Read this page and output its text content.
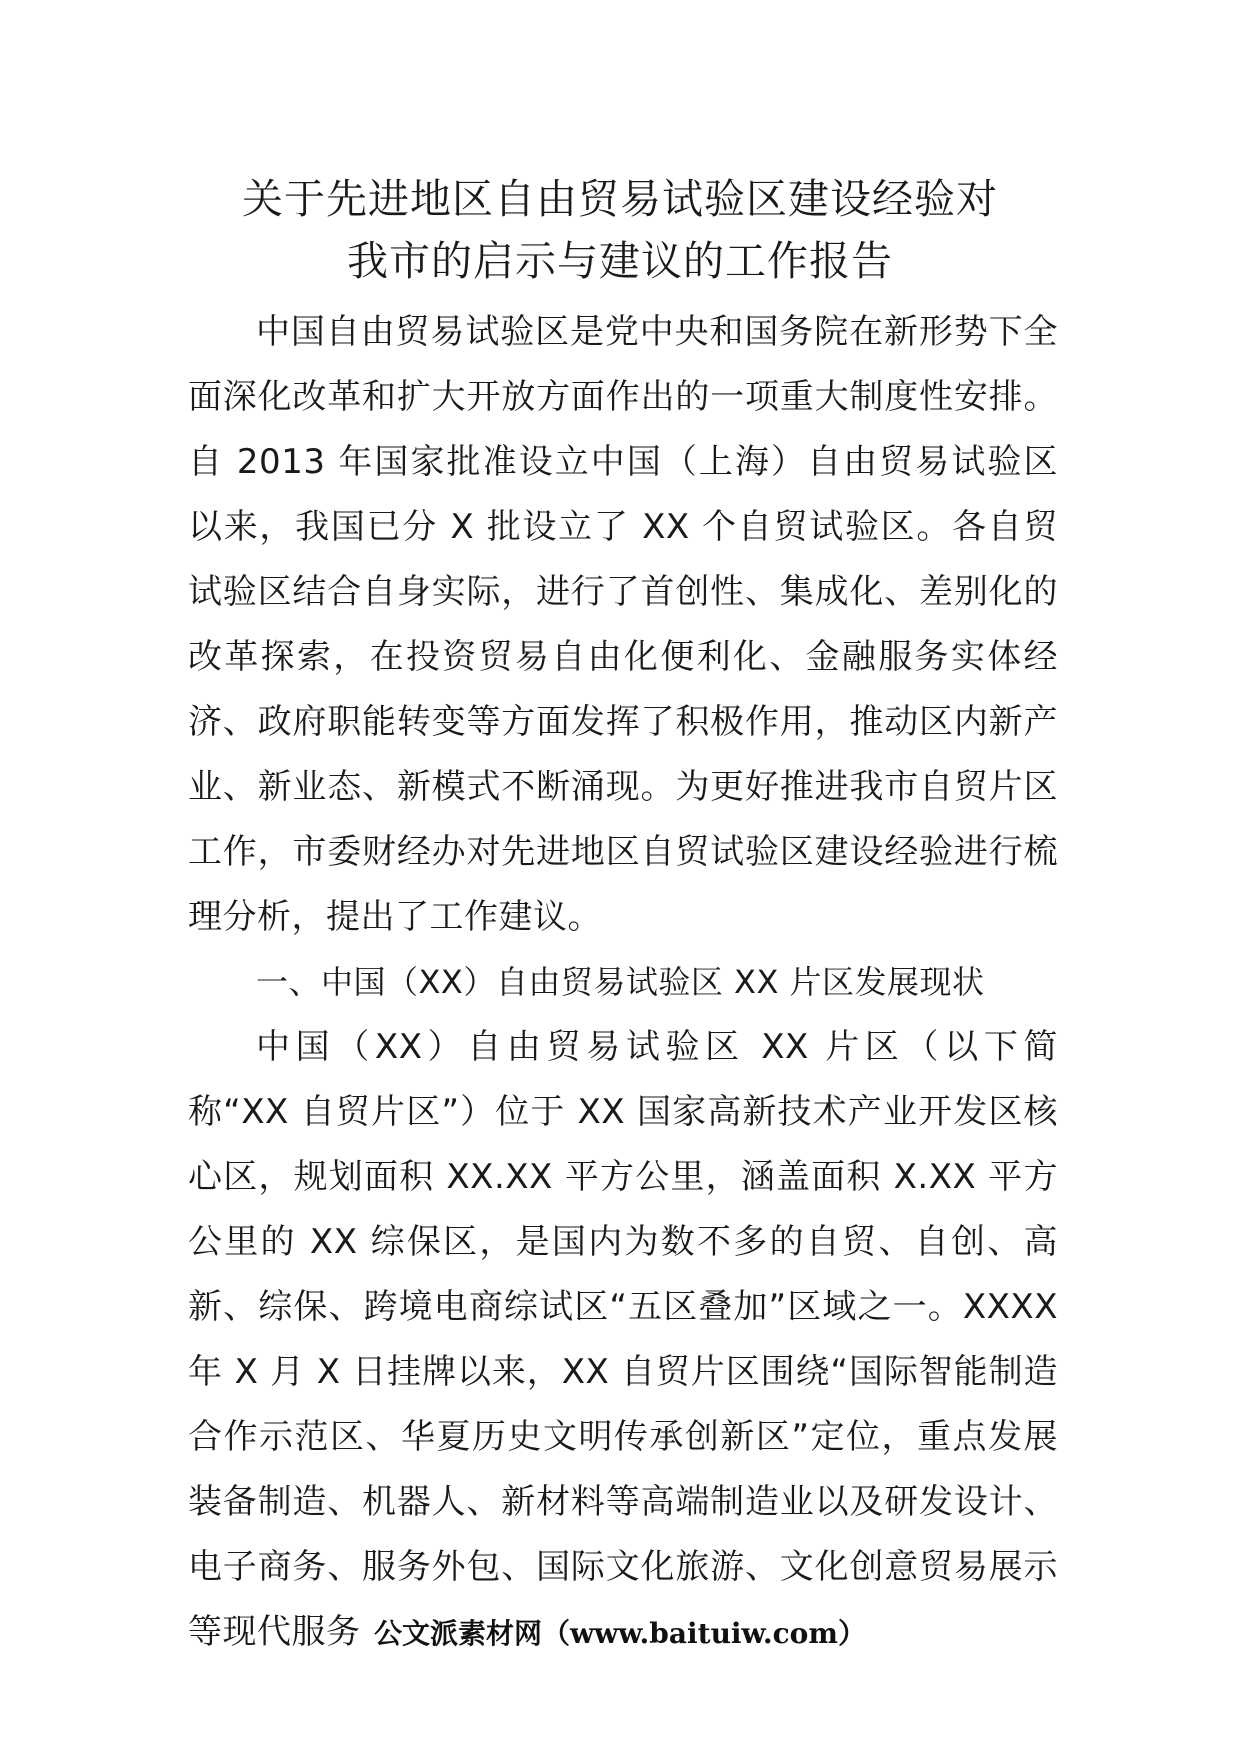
关于先进地区自由贸易试验区建设经验对
我市的启示与建议的工作报告

中国自由贸易试验区是党中央和国务院在新形势下全面深化改革和扩大开放方面作出的一项重大制度性安排。自 2013 年国家批准设立中国（上海）自由贸易试验区以来，我国已分 X 批设立了 XX 个自贸试验区。各自贸试验区结合自身实际，进行了首创性、集成化、差别化的改革探索，在投资贸易自由化便利化、金融服务实体经济、政府职能转变等方面发挥了积极作用，推动区内新产业、新业态、新模式不断涌现。为更好推进我市自贸片区工作，市委财经办对先进地区自贸试验区建设经验进行梳理分析，提出了工作建议。

一、中国（XX）自由贸易试验区 XX 片区发展现状

中国（XX）自由贸易试验区 XX 片区（以下简称“XX 自贸片区”）位于 XX 国家高新技术产业开发区核心区，规划面积 XX.XX 平方公里，涵盖面积 X.XX 平方公里的 XX 综保区，是国内为数不多的自贸、自创、高新、综保、跨境电商综试区“五区叠加”区域之一。XXXX 年 X 月 X 日挂牌以来，XX 自贸片区围绕“国际智能制造合作示范区、华夏历史文明传承创新区”定位，重点发展装备制造、机器人、新材料等高端制造业以及研发设计、电子商务、服务外包、国际文化旅游、文化创意贸易展示等现代服务 公文派素材网（www.baituiw.com）
